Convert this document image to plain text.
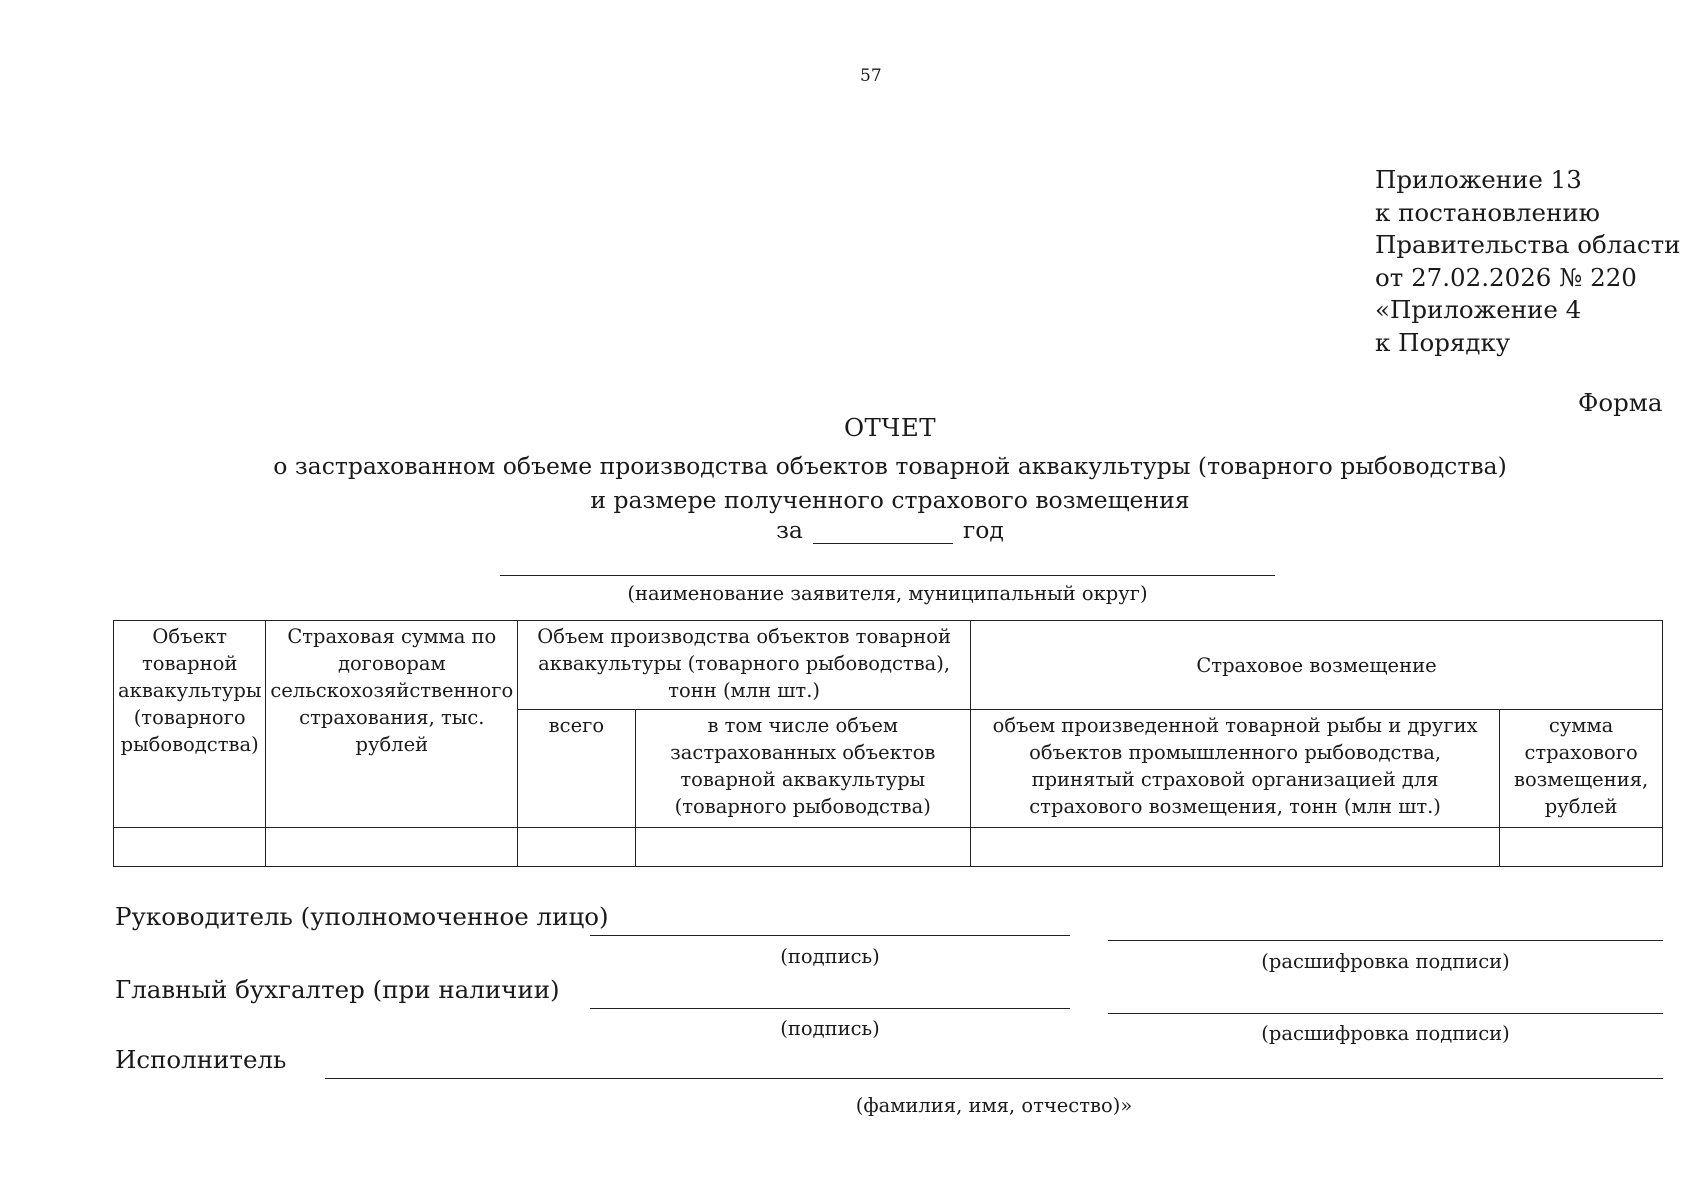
57
Приложение 13
к постановлению
Правительства области
от 27.02.2026 № 220
«Приложение 4
к Порядку
Форма
ОТЧЕТ
о застрахованном объеме производства объектов товарной аквакультуры (товарного рыбоводства)
и размере полученного страхового возмещения
за	год
(наименование заявителя, муниципальный округ)
Объект товарной аквакультуры (товарного рыбоводства)	Страховая сумма по договорам сельскохозяйственного страхования, тыс. рублей	Объем производства объектов товарной аквакультуры (товарного рыбоводства), тонн (млн шт.)		Страховое возмещение	
		всего	в том числе объем застрахованных объектов товарной аквакультуры (товарного рыбоводства)	объем произведенной товарной рыбы и других объектов промышленного рыбоводства, принятый страховой организацией для страхового возмещения, тонн (млн шт.)	сумма страхового возмещения, рублей

Руководитель (уполномоченное лицо)
(подпись)	(расшифровка подписи)
Главный бухгалтер (при наличии)
(подпись)	(расшифровка подписи)
Исполнитель
(фамилия, имя, отчество)»
